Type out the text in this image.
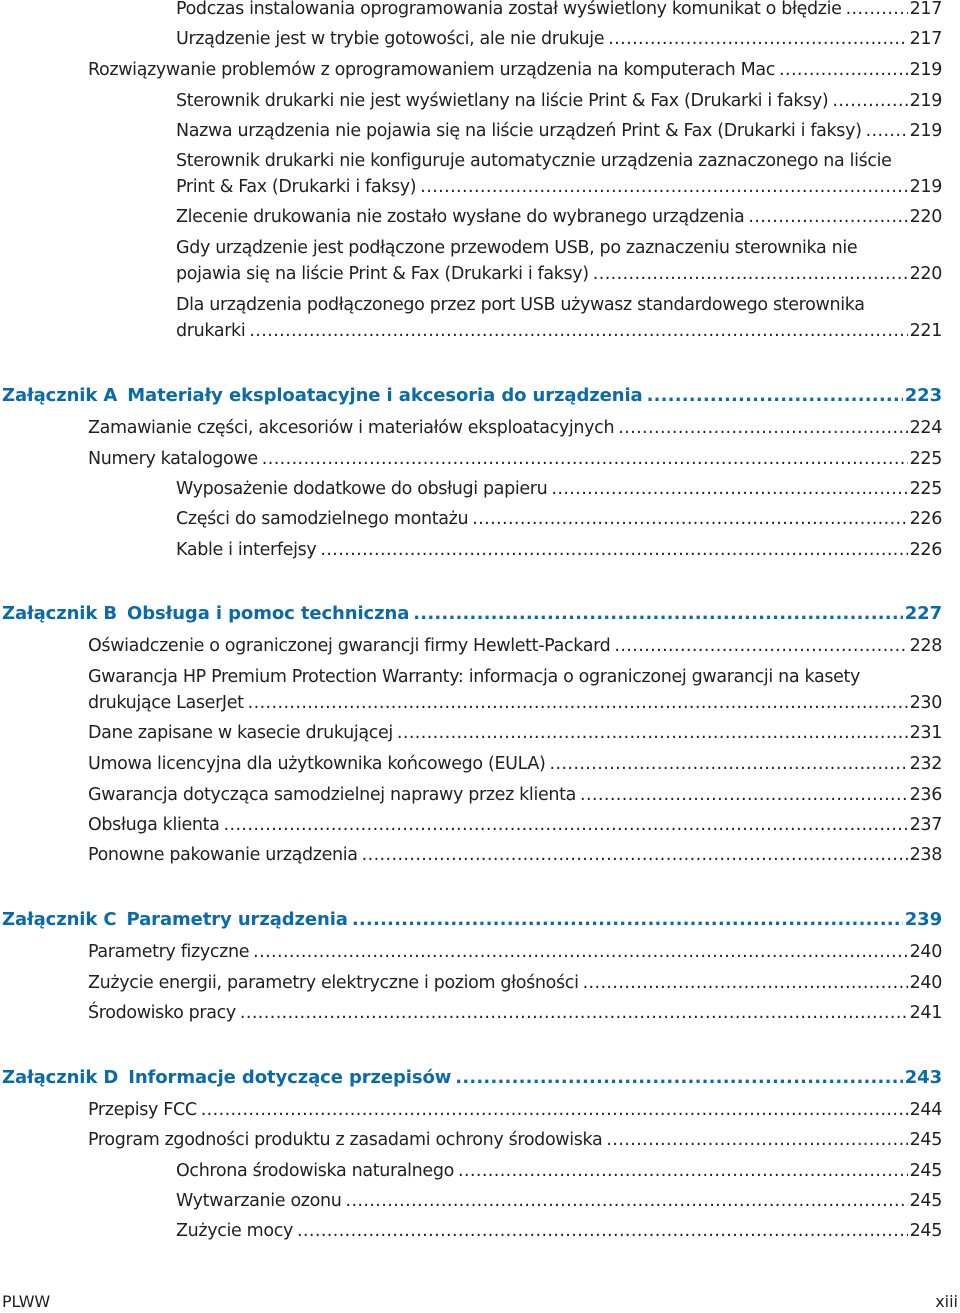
Podczas instalowania oprogramowania został wyświetlony komunikat o błędzie .....	217
Urządzenie jest w trybie gotowości, ale nie drukuje .....	217
Rozwiązywanie problemów z oprogramowaniem urządzenia na komputerach Mac .....	219
Sterownik drukarki nie jest wyświetlany na liście Print & Fax (Drukarki i faksy) .....	219
Nazwa urządzenia nie pojawia się na liście urządzeń Print & Fax (Drukarki i faksy) .....	219
Sterownik drukarki nie konfiguruje automatycznie urządzenia zaznaczonego na liście
Print & Fax (Drukarki i faksy) .....	219
Zlecenie drukowania nie zostało wysłane do wybranego urządzenia .....	220
Gdy urządzenie jest podłączone przewodem USB, po zaznaczeniu sterownika nie
pojawia się na liście Print & Fax (Drukarki i faksy) .....	220
Dla urządzenia podłączonego przez port USB używasz standardowego sterownika
drukarki .....	221
Załącznik A Materiały eksploatacyjne i akcesoria do urządzenia .....	223
Zamawianie części, akcesoriów i materiałów eksploatacyjnych .....	224
Numery katalogowe .....	225
Wyposażenie dodatkowe do obsługi papieru .....	225
Części do samodzielnego montażu .....	226
Kable i interfejsy .....	226
Załącznik B Obsługa i pomoc techniczna .....	227
Oświadczenie o ograniczonej gwarancji firmy Hewlett-Packard .....	228
Gwarancja HP Premium Protection Warranty: informacja o ograniczonej gwarancji na kasety
drukujące LaserJet .....	230
Dane zapisane w kasecie drukującej .....	231
Umowa licencyjna dla użytkownika końcowego (EULA) .....	232
Gwarancja dotycząca samodzielnej naprawy przez klienta .....	236
Obsługa klienta .....	237
Ponowne pakowanie urządzenia .....	238
Załącznik C Parametry urządzenia .....	239
Parametry fizyczne .....	240
Zużycie energii, parametry elektryczne i poziom głośności .....	240
Środowisko pracy .....	241
Załącznik D Informacje dotyczące przepisów .....	243
Przepisy FCC .....	244
Program zgodności produktu z zasadami ochrony środowiska .....	245
Ochrona środowiska naturalnego .....	245
Wytwarzanie ozonu .....	245
Zużycie mocy .....	245
PLWW	xiii
